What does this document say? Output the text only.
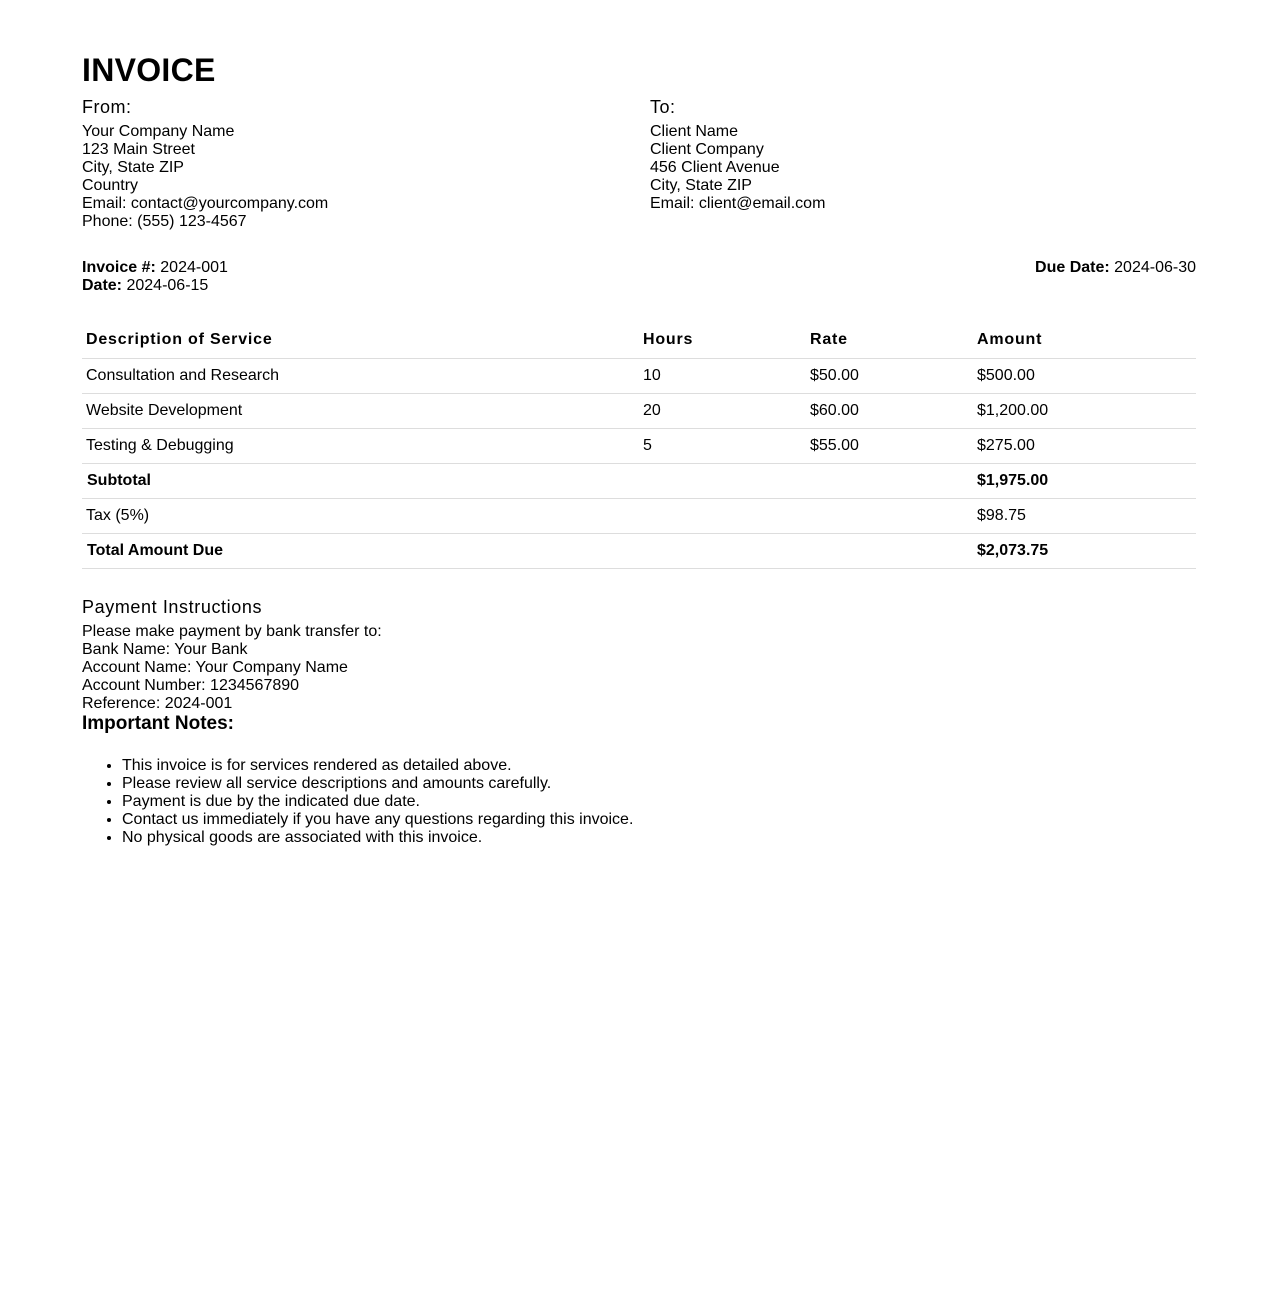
INVOICE
From:
Your Company Name
123 Main Street
City, State ZIP
Country
Email: contact@yourcompany.com
Phone: (555) 123-4567
To:
Client Name
Client Company
456 Client Avenue
City, State ZIP
Email: client@email.com
Invoice #: 2024-001
Date: 2024-06-15
Due Date: 2024-06-30
Description of Service	Hours	Rate	Amount
Consultation and Research	10	$50.00	$500.00
Website Development	20	$60.00	$1,200.00
Testing & Debugging	5	$55.00	$275.00
Subtotal			$1,975.00
Tax (5%)			$98.75
Total Amount Due			$2,073.75
Payment Instructions
Please make payment by bank transfer to:
Bank Name: Your Bank
Account Name: Your Company Name
Account Number: 1234567890
Reference: 2024-001
Important Notes:
• This invoice is for services rendered as detailed above.
• Please review all service descriptions and amounts carefully.
• Payment is due by the indicated due date.
• Contact us immediately if you have any questions regarding this invoice.
• No physical goods are associated with this invoice.
